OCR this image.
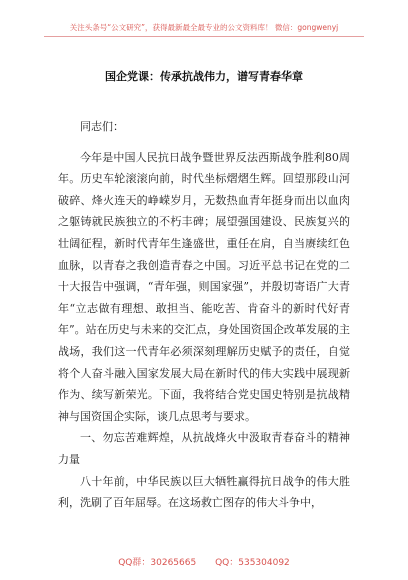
关注头条号“公文研究”，获得最新最全最专业的公文资料库！ 微信：gongwenyj
国企党课：传承抗战伟力，谱写青春华章

同志们：

今年是中国人民抗日战争暨世界反法西斯战争胜利80周年。历史车轮滚滚向前，时代坐标熠熠生辉。回望那段山河破碎、烽火连天的峥嵘岁月，无数热血青年挺身而出以血肉之躯铸就民族独立的不朽丰碑；展望强国建设、民族复兴的壮阔征程，新时代青年生逢盛世，重任在肩，自当赓续红色血脉，以青春之我创造青春之中国。习近平总书记在党的二十大报告中强调，“青年强，则国家强”，并殷切寄语广大青年“立志做有理想、敢担当、能吃苦、肯奋斗的新时代好青年”。站在历史与未来的交汇点，身处国资国企改革发展的主战场，我们这一代青年必须深刻理解历史赋予的责任，自觉将个人奋斗融入国家发展大局在新时代的伟大实践中展现新作为、续写新荣光。下面，我将结合党史国史特别是抗战精神与国资国企实际，谈几点思考与要求。

一、勿忘苦难辉煌，从抗战烽火中汲取青春奋斗的精神力量

八十年前，中华民族以巨大牺牲赢得抗日战争的伟大胜利，洗刷了百年屈辱。在这场救亡图存的伟大斗争中，

QQ群：30265665 QQ：535304092
